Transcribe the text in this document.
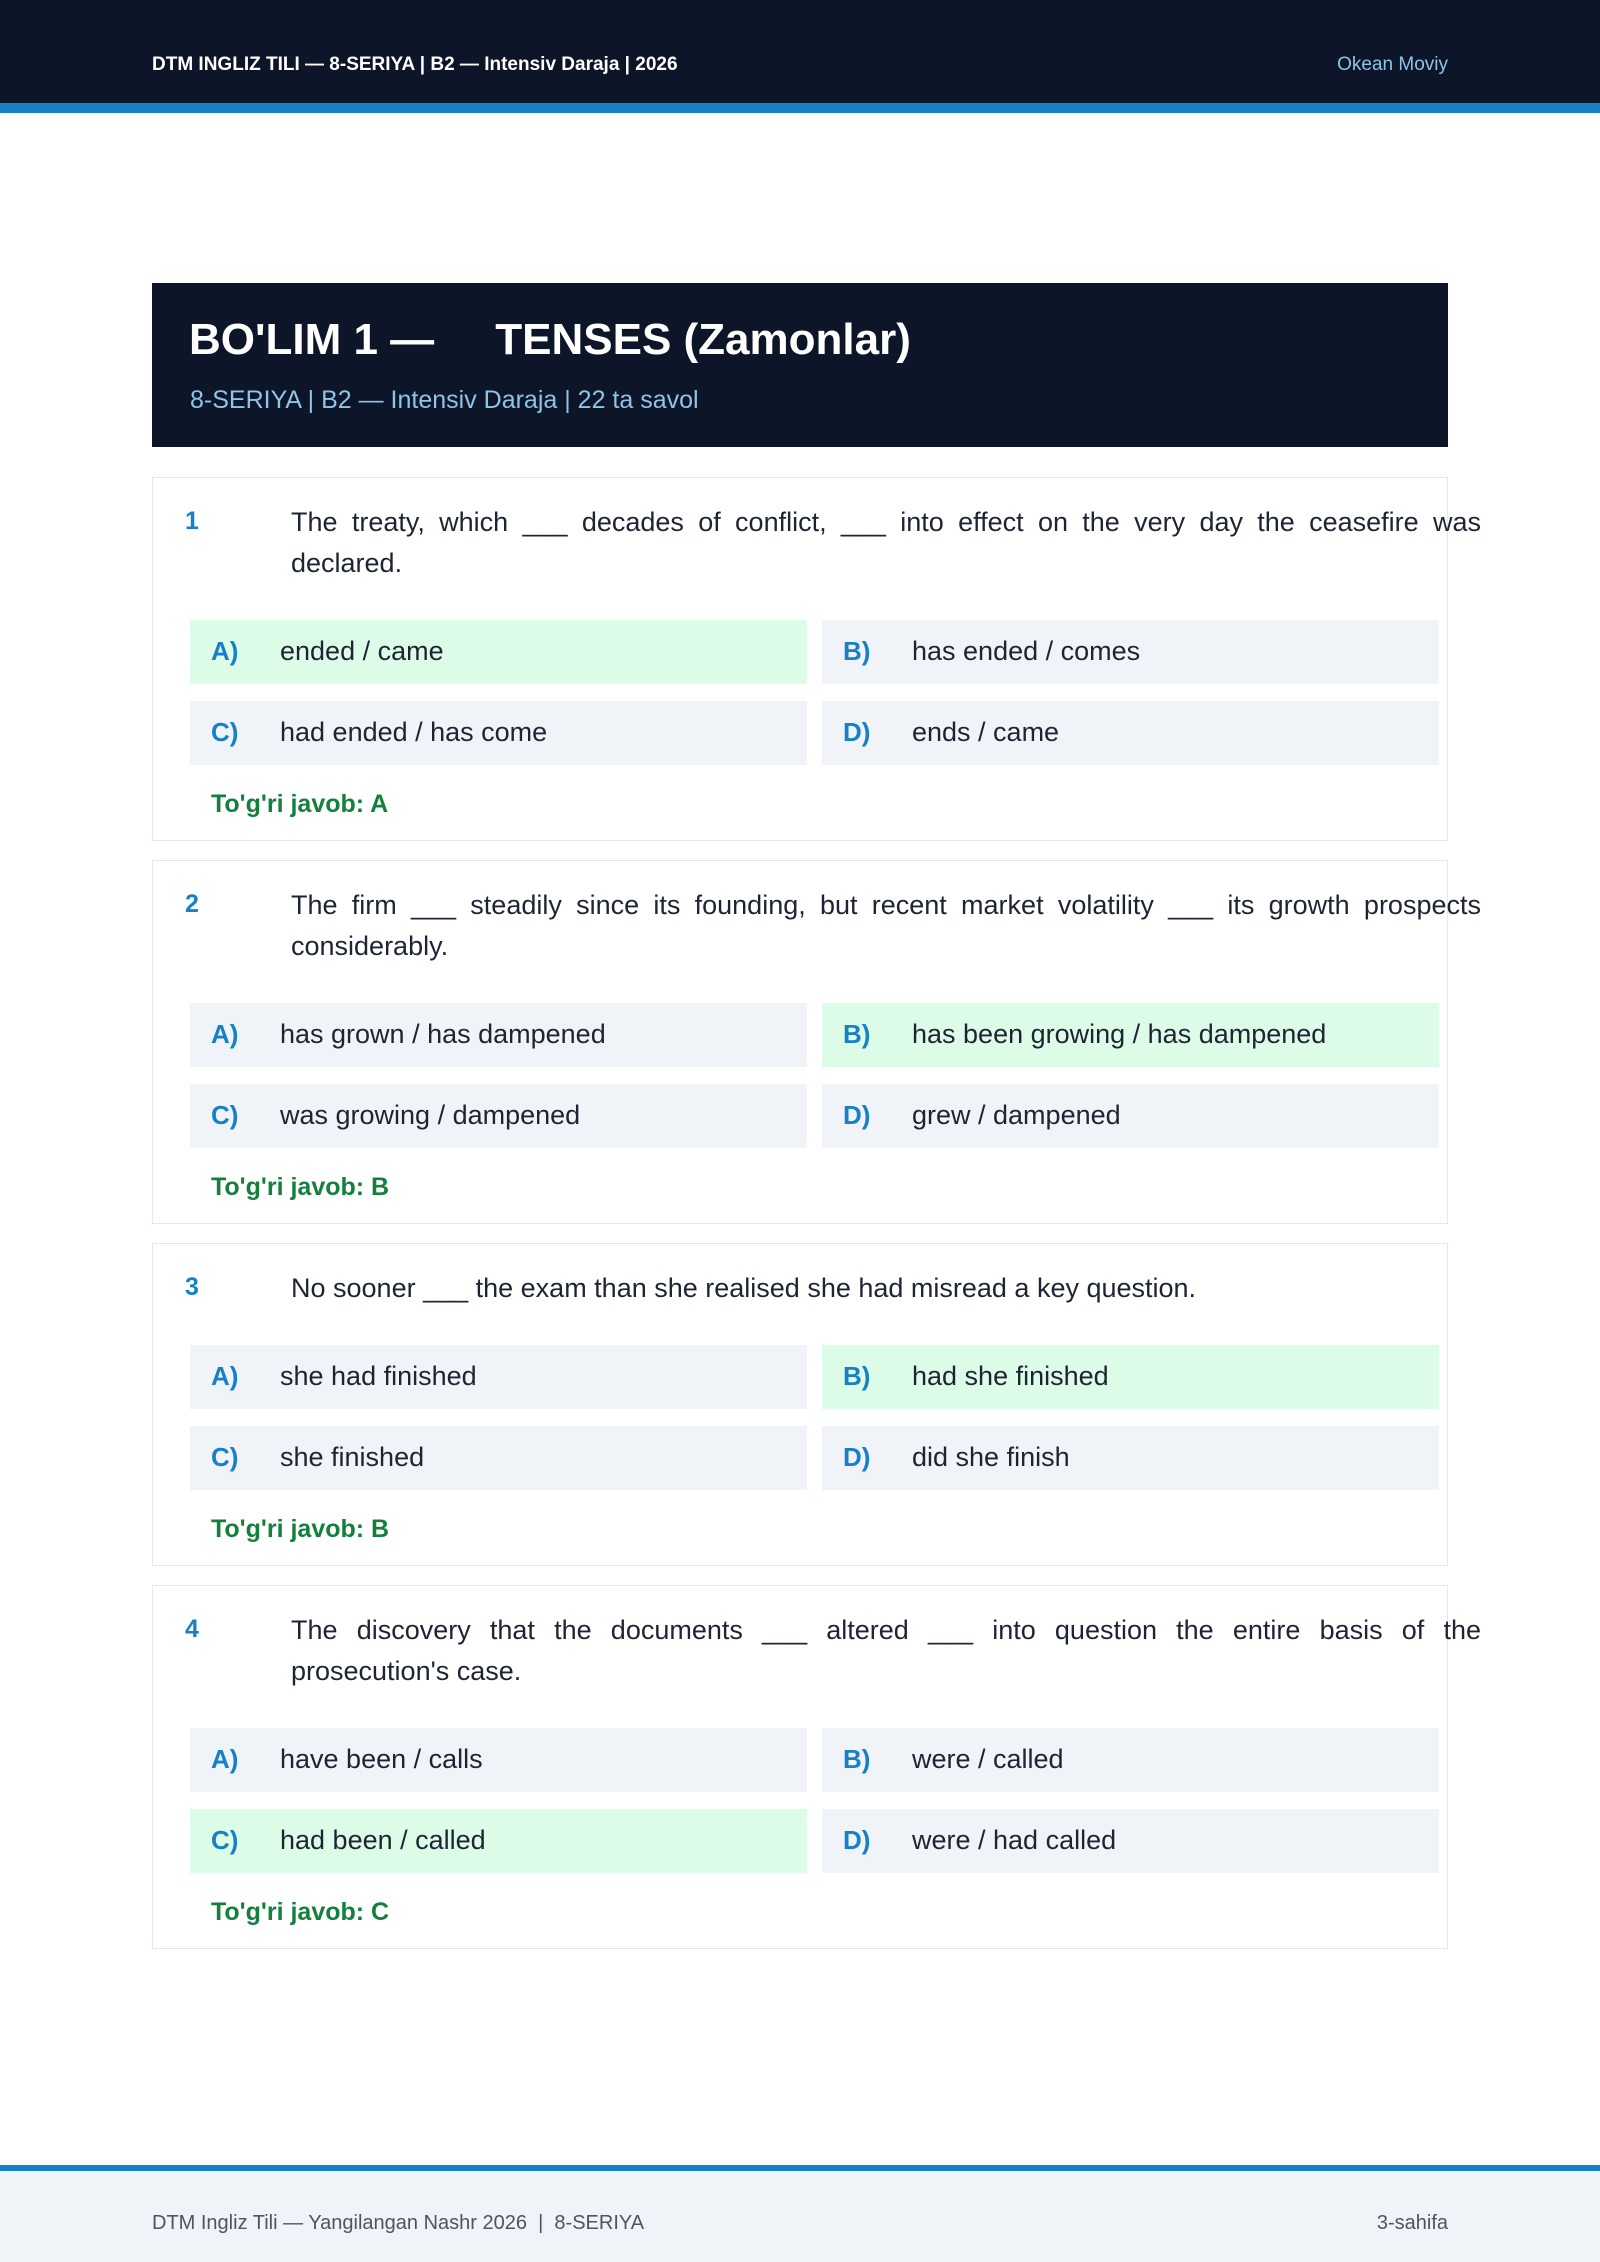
DTM INGLIZ TILI — 8-SERIYA | B2 — Intensiv Daraja | 2026	Okean Moviy
BO'LIM 1 —     TENSES (Zamonlar)
8-SERIYA | B2 — Intensiv Daraja | 22 ta savol
1	The treaty, which ___ decades of conflict, ___ into effect on the very day the ceasefire was declared.
A) ended / came	B) has ended / comes
C) had ended / has come	D) ends / came
To'g'ri javob: A
2	The firm ___ steadily since its founding, but recent market volatility ___ its growth prospects considerably.
A) has grown / has dampened	B) has been growing / has dampened
C) was growing / dampened	D) grew / dampened
To'g'ri javob: B
3	No sooner ___ the exam than she realised she had misread a key question.
A) she had finished	B) had she finished
C) she finished	D) did she finish
To'g'ri javob: B
4	The discovery that the documents ___ altered ___ into question the entire basis of the prosecution's case.
A) have been / calls	B) were / called
C) had been / called	D) were / had called
To'g'ri javob: C
DTM Ingliz Tili — Yangilangan Nashr 2026  |  8-SERIYA	3-sahifa
